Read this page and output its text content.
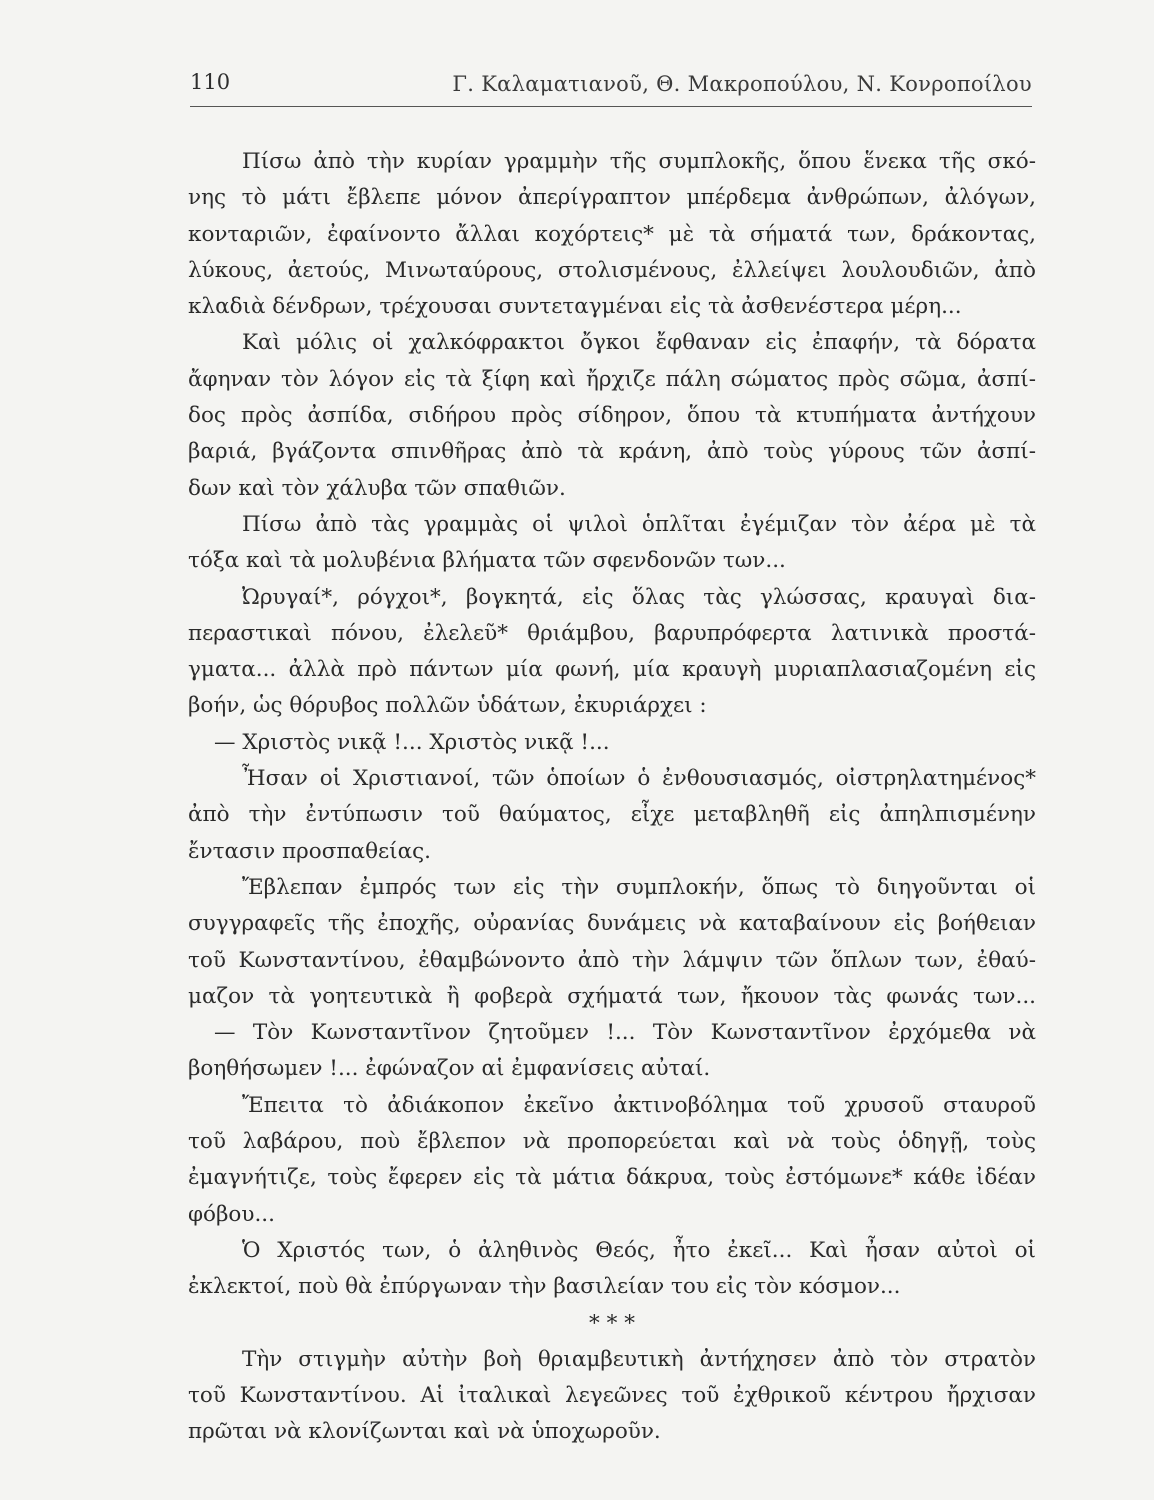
110	Γ. Καλαματιανοῦ, Θ. Μακροπούλου, Ν. Κονροποίλου
Πίσω ἀπὸ τὴν κυρίαν γραμμὴν τῆς συμπλοκῆς, ὅπου ἕνεκα τῆς σκό-
νης τὸ μάτι ἔβλεπε μόνον ἀπερίγραπτον μπέρδεμα ἀνθρώπων, ἀλόγων,
κονταριῶν, ἐφαίνοντο ἄλλαι κοχόρτεις* μὲ τὰ σήματά των, δράκοντας,
λύκους, ἀετούς, Μινωταύρους, στολισμένους, ἐλλείψει λουλουδιῶν, ἀπὸ
κλαδιὰ δένδρων, τρέχουσαι συντεταγμέναι εἰς τὰ ἀσθενέστερα μέρη...
Καὶ μόλις οἱ χαλκόφρακτοι ὄγκοι ἔφθαναν εἰς ἐπαφήν, τὰ δόρατα
ἄφηναν τὸν λόγον εἰς τὰ ξίφη καὶ ἤρχιζε πάλη σώματος πρὸς σῶμα, ἀσπί-
δος πρὸς ἀσπίδα, σιδήρου πρὸς σίδηρον, ὅπου τὰ κτυπήματα ἀντήχουν
βαριά, βγάζοντα σπινθῆρας ἀπὸ τὰ κράνη, ἀπὸ τοὺς γύρους τῶν ἀσπί-
δων καὶ τὸν χάλυβα τῶν σπαθιῶν.
Πίσω ἀπὸ τὰς γραμμὰς οἱ ψιλοὶ ὁπλῖται ἐγέμιζαν τὸν ἀέρα μὲ τὰ
τόξα καὶ τὰ μολυβένια βλήματα τῶν σφενδονῶν των...
Ὠρυγαί*, ρόγχοι*, βογκητά, εἰς ὅλας τὰς γλώσσας, κραυγαὶ δια-
περαστικαὶ πόνου, ἐλελεῦ* θριάμβου, βαρυπρόφερτα λατινικὰ προστά-
γματα... ἀλλὰ πρὸ πάντων μία φωνή, μία κραυγὴ μυριαπλασιαζομένη εἰς
βοήν, ὡς θόρυβος πολλῶν ὑδάτων, ἐκυριάρχει :
— Χριστὸς νικᾷ !... Χριστὸς νικᾷ !...
Ἦσαν οἱ Χριστιανοί, τῶν ὁποίων ὁ ἐνθουσιασμός, οἰστρηλατημένος*
ἀπὸ τὴν ἐντύπωσιν τοῦ θαύματος, εἶχε μεταβληθῆ εἰς ἀπηλπισμένην
ἔντασιν προσπαθείας.
Ἔβλεπαν ἐμπρός των εἰς τὴν συμπλοκήν, ὅπως τὸ διηγοῦνται οἱ
συγγραφεῖς τῆς ἐποχῆς, οὐρανίας δυνάμεις νὰ καταβαίνουν εἰς βοήθειαν
τοῦ Κωνσταντίνου, ἐθαμβώνοντο ἀπὸ τὴν λάμψιν τῶν ὅπλων των, ἐθαύ-
μαζον τὰ γοητευτικὰ ἢ φοβερὰ σχήματά των, ἤκουον τὰς φωνάς των...
— Τὸν Κωνσταντῖνον ζητοῦμεν !... Τὸν Κωνσταντῖνον ἐρχόμεθα νὰ
βοηθήσωμεν !... ἐφώναζον αἱ ἐμφανίσεις αὐταί.
Ἔπειτα τὸ ἀδιάκοπον ἐκεῖνο ἀκτινοβόλημα τοῦ χρυσοῦ σταυροῦ
τοῦ λαβάρου, ποὺ ἔβλεπον νὰ προπορεύεται καὶ νὰ τοὺς ὁδηγῇ, τοὺς
ἐμαγνήτιζε, τοὺς ἔφερεν εἰς τὰ μάτια δάκρυα, τοὺς ἐστόμωνε* κάθε ἰδέαν
φόβου...
Ὁ Χριστός των, ὁ ἀληθινὸς Θεός, ἦτο ἐκεῖ... Καὶ ἦσαν αὐτοὶ οἱ
ἐκλεκτοί, ποὺ θὰ ἐπύργωναν τὴν βασιλείαν του εἰς τὸν κόσμον...
* * *
Τὴν στιγμὴν αὐτὴν βοὴ θριαμβευτικὴ ἀντήχησεν ἀπὸ τὸν στρατὸν
τοῦ Κωνσταντίνου. Αἱ ἰταλικαὶ λεγεῶνες τοῦ ἐχθρικοῦ κέντρου ἤρχισαν
πρῶται νὰ κλονίζωνται καὶ νὰ ὑποχωροῦν.
